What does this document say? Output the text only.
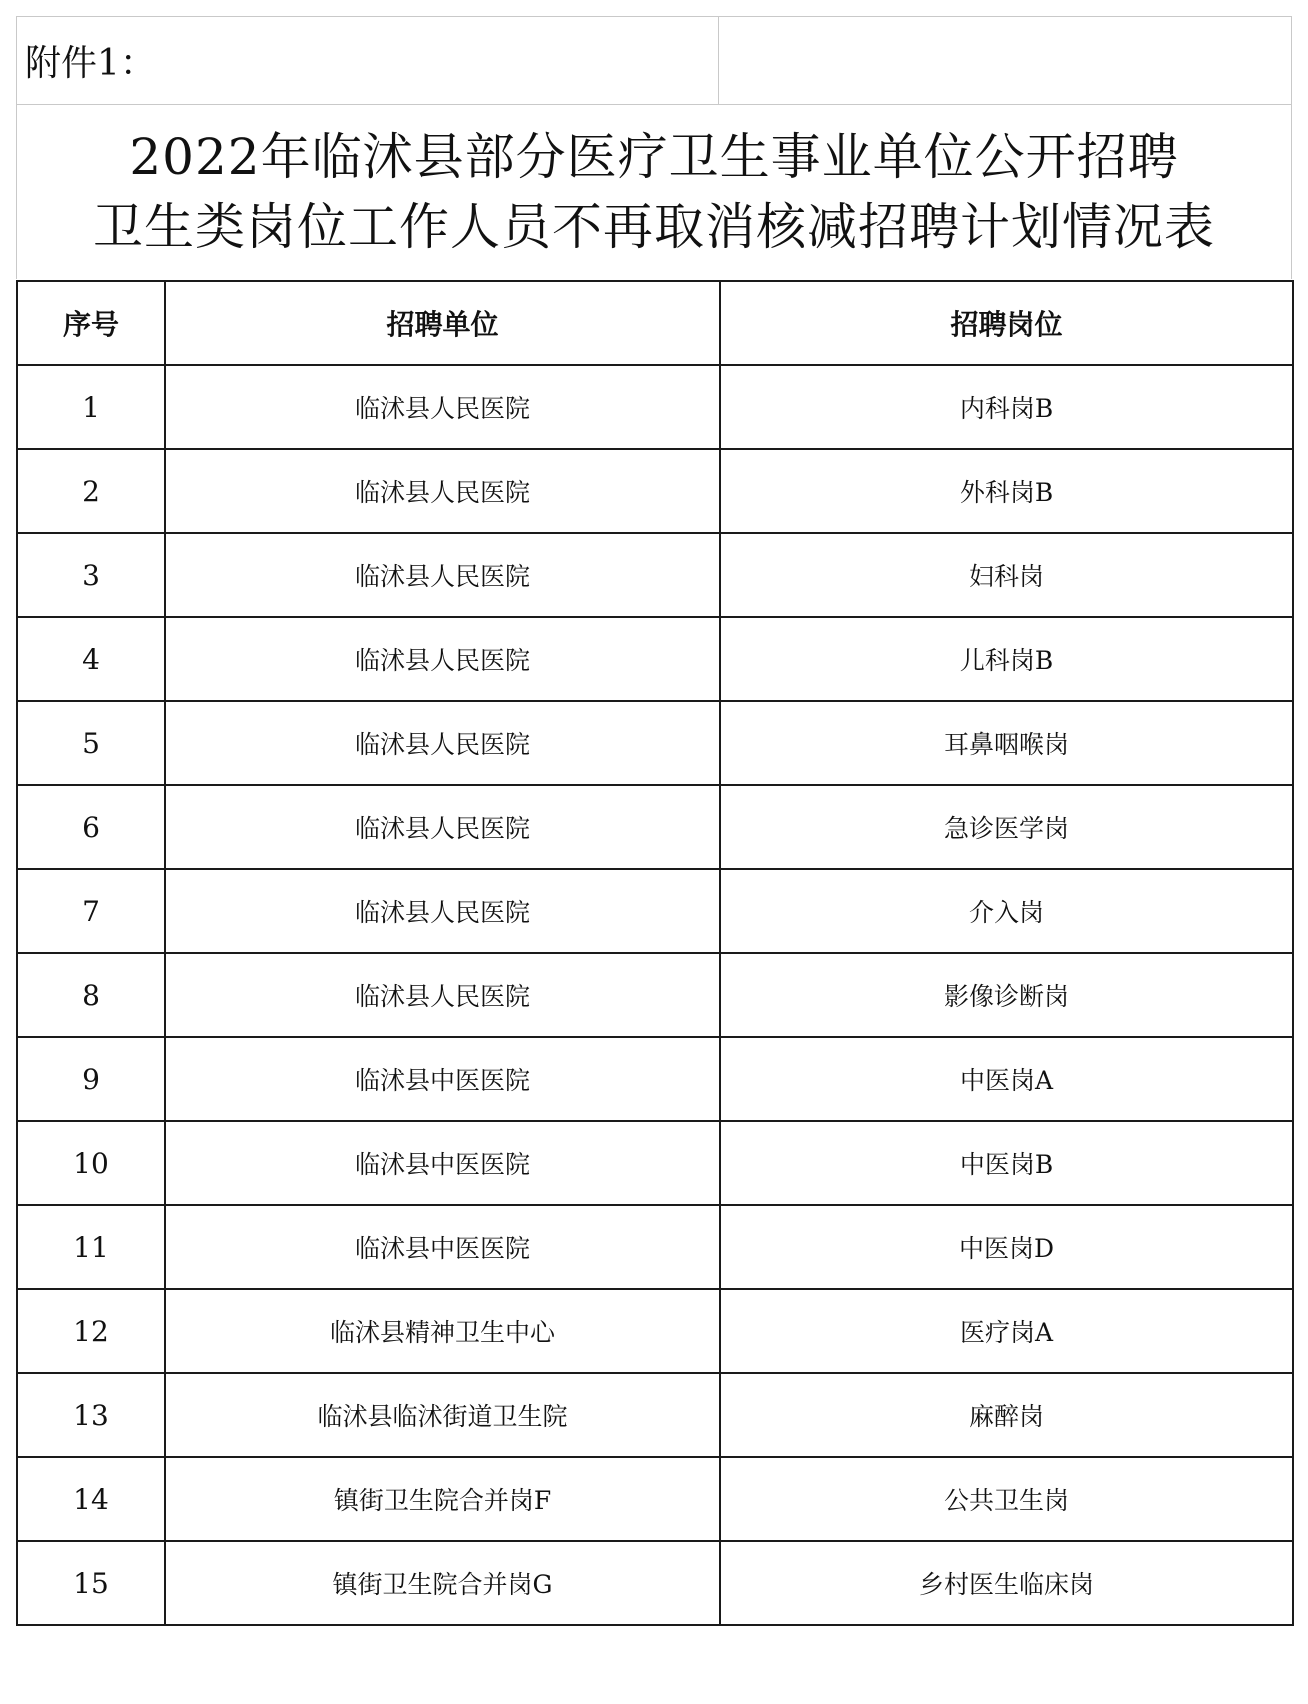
附件1：
2022年临沭县部分医疗卫生事业单位公开招聘
卫生类岗位工作人员不再取消核减招聘计划情况表
序号	招聘单位	招聘岗位
1	临沭县人民医院	内科岗B
2	临沭县人民医院	外科岗B
3	临沭县人民医院	妇科岗
4	临沭县人民医院	儿科岗B
5	临沭县人民医院	耳鼻咽喉岗
6	临沭县人民医院	急诊医学岗
7	临沭县人民医院	介入岗
8	临沭县人民医院	影像诊断岗
9	临沭县中医医院	中医岗A
10	临沭县中医医院	中医岗B
11	临沭县中医医院	中医岗D
12	临沭县精神卫生中心	医疗岗A
13	临沭县临沭街道卫生院	麻醉岗
14	镇街卫生院合并岗F	公共卫生岗
15	镇街卫生院合并岗G	乡村医生临床岗
